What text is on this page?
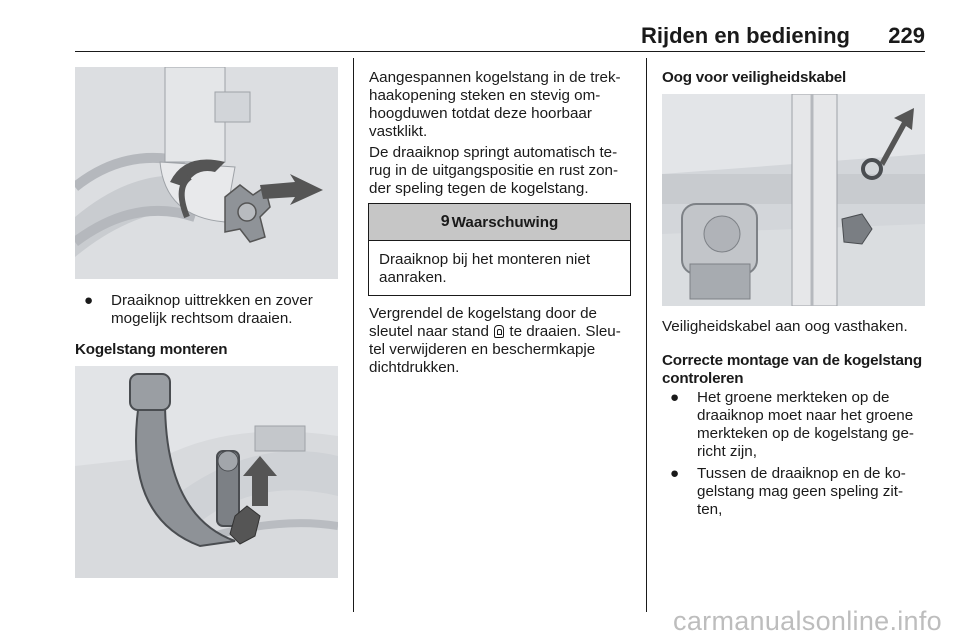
Rijden en bediening 229
● Draaiknop uittrekken en zover
mogelijk rechtsom draaien.
Kogelstang monteren
Aangespannen kogelstang in de trek-
haakopening steken en stevig om-
hoogduwen totdat deze hoorbaar
vastklikt.
De draaiknop springt automatisch te-
rug in de uitgangspositie en rust zon-
der speling tegen de kogelstang.
9 Waarschuwing
Draaiknop bij het monteren niet
aanraken.
Vergrendel de kogelstang door de
sleutel naar stand  te draaien. Sleu-
tel verwijderen en beschermkapje
dichtdrukken.
Oog voor veiligheidskabel
Veiligheidskabel aan oog vasthaken.
Correcte montage van de kogelstang
controleren
● Het groene merkteken op de
draaiknop moet naar het groene
merkteken op de kogelstang ge-
richt zijn,
● Tussen de draaiknop en de ko-
gelstang mag geen speling zit-
ten,
carmanualsonline.info
